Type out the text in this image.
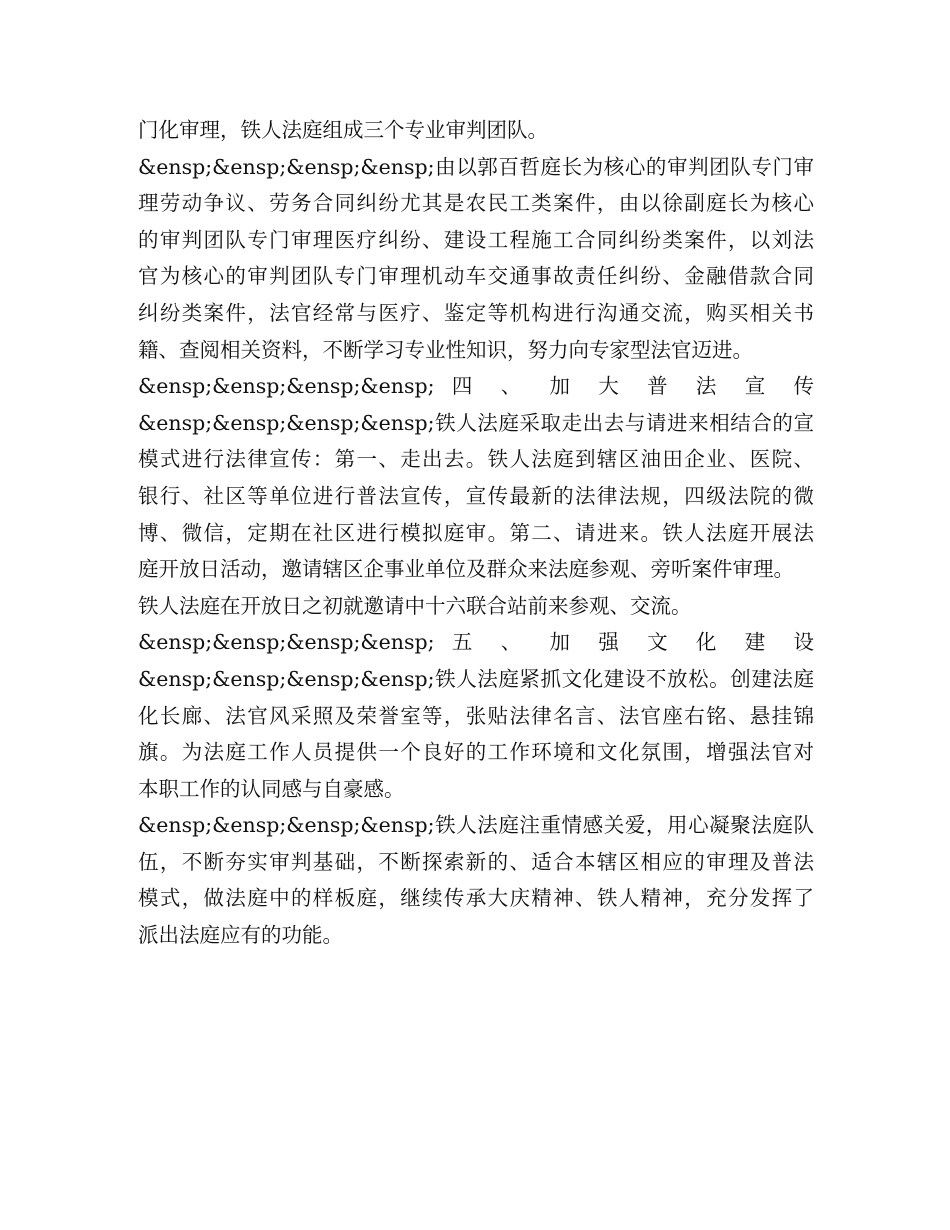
门化审理，铁人法庭组成三个专业审判团队。

&ensp;&ensp;&ensp;&ensp;由以郭百哲庭长为核心的审判团队专门审

理劳动争议、劳务合同纠纷尤其是农民工类案件，由以徐副庭长为核心

的审判团队专门审理医疗纠纷、建设工程施工合同纠纷类案件，以刘法

官为核心的审判团队专门审理机动车交通事故责任纠纷、金融借款合同

纠纷类案件，法官经常与医疗、鉴定等机构进行沟通交流，购买相关书

籍、查阅相关资料，不断学习专业性知识，努力向专家型法官迈进。

&ensp;&ensp;&ensp;&ensp; 四 、 加 大 普 法 宣 传

&ensp;&ensp;&ensp;&ensp;铁人法庭采取走出去与请进来相结合的宣

模式进行法律宣传：第一、走出去。铁人法庭到辖区油田企业、医院、

银行、社区等单位进行普法宣传，宣传最新的法律法规，四级法院的微

博、微信，定期在社区进行模拟庭审。第二、请进来。铁人法庭开展法

庭开放日活动，邀请辖区企事业单位及群众来法庭参观、旁听案件审理。

铁人法庭在开放日之初就邀请中十六联合站前来参观、交流。

&ensp;&ensp;&ensp;&ensp; 五 、 加 强 文 化 建 设

&ensp;&ensp;&ensp;&ensp;铁人法庭紧抓文化建设不放松。创建法庭

化长廊、法官风采照及荣誉室等，张贴法律名言、法官座右铭、悬挂锦

旗。为法庭工作人员提供一个良好的工作环境和文化氛围，增强法官对

本职工作的认同感与自豪感。

&ensp;&ensp;&ensp;&ensp;铁人法庭注重情感关爱，用心凝聚法庭队

伍，不断夯实审判基础，不断探索新的、适合本辖区相应的审理及普法

模式，做法庭中的样板庭，继续传承大庆精神、铁人精神，充分发挥了

派出法庭应有的功能。
